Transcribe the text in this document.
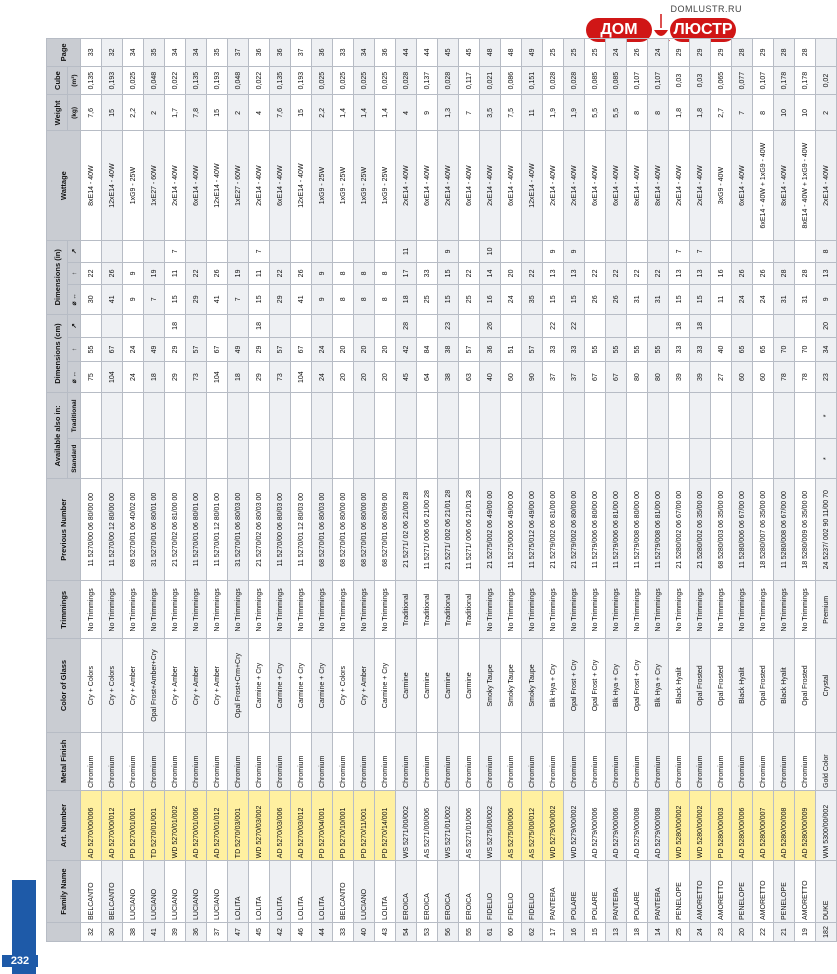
232
DOMLUSTR.RU
ДОМ	ЛЮСТР
	Family Name	Art. Number	Metal Finish	Color of Glass	Trimmings	Previous Number	Available also in:		Dimensions (cm)			Dimensions (in)			Wattage	Weight	Cube	Page
							Standard	Traditional	⌀ ↔	↑	↗	⌀ ↔	↑	↗		(kg)	(m³)	
32	BELCANTO	AD 5270/00/006	Chromium	Cry + Colors	No Trimmings	11 5270/00 06 80/00 00			75	55		30	22		8xE14 - 40W	7,6	0,135	33
30	BELCANTO	AD 5270/00/012	Chromium	Cry + Colors	No Trimmings	11 5270/00 12 80/00 00			104	67		41	26		12xE14 - 40W	15	0,193	32
38	LUCIANO	PD 5270/01/001	Chromium	Cry + Amber	No Trimmings	68 5270/01 06 40/02 00			24	24		9	9		1xG9 - 25W	2,2	0,025	34
41	LUCIANO	TD 5270/01/001	Chromium	Opal Frost+Amber+Cry	No Trimmings	31 5270/01 06 80/01 00			18	49		7	19		1xE27 - 60W	2	0,048	35
39	LUCIANO	WD 5270/01/002	Chromium	Cry + Amber	No Trimmings	21 5270/02 06 81/00 00			29	29	18	15	11	7	2xE14 - 40W	1,7	0,022	34
36	LUCIANO	AD 5270/01/006	Chromium	Cry + Amber	No Trimmings	11 5270/01 06 80/01 00			73	57		29	22		6xE14 - 40W	7,8	0,135	34
37	LUCIANO	AD 5270/01/012	Chromium	Cry + Amber	No Trimmings	11 5270/01 12 80/01 00			104	67		41	26		12xE14 - 40W	15	0,193	35
47	LOLITA	TD 5270/03/001	Chromium	Opal Frost+Crm+Cry	No Trimmings	31 5270/01 06 80/03 00			18	49		7	19		1xE27 - 60W	2	0,048	37
45	LOLITA	WD 5270/03/002	Chromium	Carmine + Cry	No Trimmings	21 5270/02 06 80/03 00			29	29	18	15	11	7	2xE14 - 40W	4	0,022	36
42	LOLITA	AD 5270/03/006	Chromium	Carmine + Cry	No Trimmings	11 5270/00 06 80/03 00			73	57		29	22		6xE14 - 40W	7,6	0,135	36
46	LOLITA	AD 5270/03/012	Chromium	Carmine + Cry	No Trimmings	11 5270/01 12 80/03 00			104	67		41	26		12xE14 - 40W	15	0,193	37
44	LOLITA	PD 5270/04/001	Chromium	Carmine + Cry	No Trimmings	68 5270/01 06 80/03 00			24	24		9	9		1xG9 - 25W	2,2	0,025	36
33	BELCANTO	PD 5270/10/001	Chromium	Cry + Colors	No Trimmings	68 5270/01 06 80/00 00			20	20		8	8		1xG9 - 25W	1,4	0,025	33
40	LUCIANO	PD 5270/11/001	Chromium	Cry + Amber	No Trimmings	68 5270/01 06 80/00 00			20	20		8	8		1xG9 - 25W	1,4	0,025	34
43	LOLITA	PD 5270/14/001	Chromium	Carmine + Cry	No Trimmings	68 5270/01 06 80/09 00			20	20		8	8		1xG9 - 25W	1,4	0,025	36
54	EROICA	WS 5271/00/002	Chromium	Carmine	Traditional	21 5271/ 02 06 21/00 28			45	42	28	18	17	11	2xE14 - 40W	4	0,028	44
53	EROICA	AS 5271/00/006	Chromium	Carmine	Traditional	11 5271/ 006 06 21/00 28			64	84		25	33		6xE14 - 40W	9	0,137	44
56	EROICA	WS 5271/01/002	Chromium	Carmine	Traditional	21 5271/ 002 06 21/01 28			38	38	23	15	15	9	2xE14 - 40W	1,3	0,028	45
55	EROICA	AS 5271/01/006	Chromium	Carmine	Traditional	11 5271/ 006 06 21/01 28			63	57		25	22		6xE14 - 40W	7	0,117	45
61	FIDELIO	WS 5275/00/002	Chromium	Smoky Taupe	No Trimmings	21 5275/002 06 49/00 00			40	36	26	16	14	10	2xE14 - 40W	3,5	0,021	48
60	FIDELIO	AS 5275/00/006	Chromium	Smoky Taupe	No Trimmings	11 5275/006 06 49/00 00			60	51		24	20		6xE14 - 40W	7,5	0,086	48
62	FIDELIO	AS 5275/00/012	Chromium	Smoky Taupe	No Trimmings	11 5275/012 06 49/00 00			90	57		35	22		12xE14 - 40W	11	0,151	49
17	PANTERA	WD 5279/00/002	Chromium	Blk Hya + Cry	No Trimmings	21 5279/002 06 81/00 00			37	33	22	15	13	9	2xE14 - 40W	1,9	0,028	25
16	POLARE	WD 5279/00/002	Chromium	Opal Frost + Cry	No Trimmings	21 5279/002 06 80/00 00			37	33	22	15	13	9	2xE14 - 40W	1,9	0,028	25
15	POLARE	AD 5279/00/006	Chromium	Opal Frost + Cry	No Trimmings	11 5279/006 06 80/00 00			67	55		26	22		6xE14 - 40W	5,5	0,085	25
13	PANTERA	AD 5279/00/006	Chromium	Blk Hya + Cry	No Trimmings	11 5279/006 06 81/00 00			67	55		26	22		6xE14 - 40W	5,5	0,085	24
18	POLARE	AD 5279/00/008	Chromium	Opal Frost + Cry	No Trimmings	11 5279/008 06 80/00 00			80	55		31	22		8xE14 - 40W	8	0,107	26
14	PANTERA	AD 5279/00/008	Chromium	Blk Hya + Cry	No Trimmings	11 5279/008 06 81/00 00			80	55		31	22		8xE14 - 40W	8	0,107	24
25	PENELOPE	WD 5280/00/002	Chromium	Black Hyalit	No Trimmings	21 5280/002 06 67/00 00			39	33	18	15	13	7	2xE14 - 40W	1,8	0,03	29
24	AMORETTO	WD 5280/00/002	Chromium	Opal Frosted	No Trimmings	21 5280/002 06 35/00 00			39	33	18	15	13	7	2xE14 - 40W	1,8	0,03	29
23	AMORETTO	PD 5280/00/003	Chromium	Opal Frosted	No Trimmings	68 5280/003 06 35/00 00			27	40		11	16		3xG9 - 40W	2,7	0,065	29
20	PENELOPE	AD 5280/00/006	Chromium	Black Hyalit	No Trimmings	11 5280/006 06 67/00 00			60	65		24	26		6xE14 - 40W	7	0,077	28
22	AMORETTO	AD 5280/00/007	Chromium	Opal Frosted	No Trimmings	18 5280/007 06 35/00 00			60	65		24	26		6xE14 - 40W + 1xG9 - 40W	8	0,107	29
21	PENELOPE	AD 5280/00/008	Chromium	Black Hyalit	No Trimmings	11 5280/008 06 67/00 00			78	70		31	28		8xE14 - 40W	10	0,178	28
19	AMORETTO	AD 5280/00/009	Chromium	Opal Frosted	No Trimmings	18 5280/009 06 35/00 00			78	70		31	28		8xE14 - 40W + 1xG9 - 40W	10	0,178	28
182	DUKE	WM 5300/00/002	Gold Color	Crystal	Premium	24 5237/ 002 90 11/00 70	*	*	23	34	20	9	13	8	2xE14 - 40W	2	0,02	
